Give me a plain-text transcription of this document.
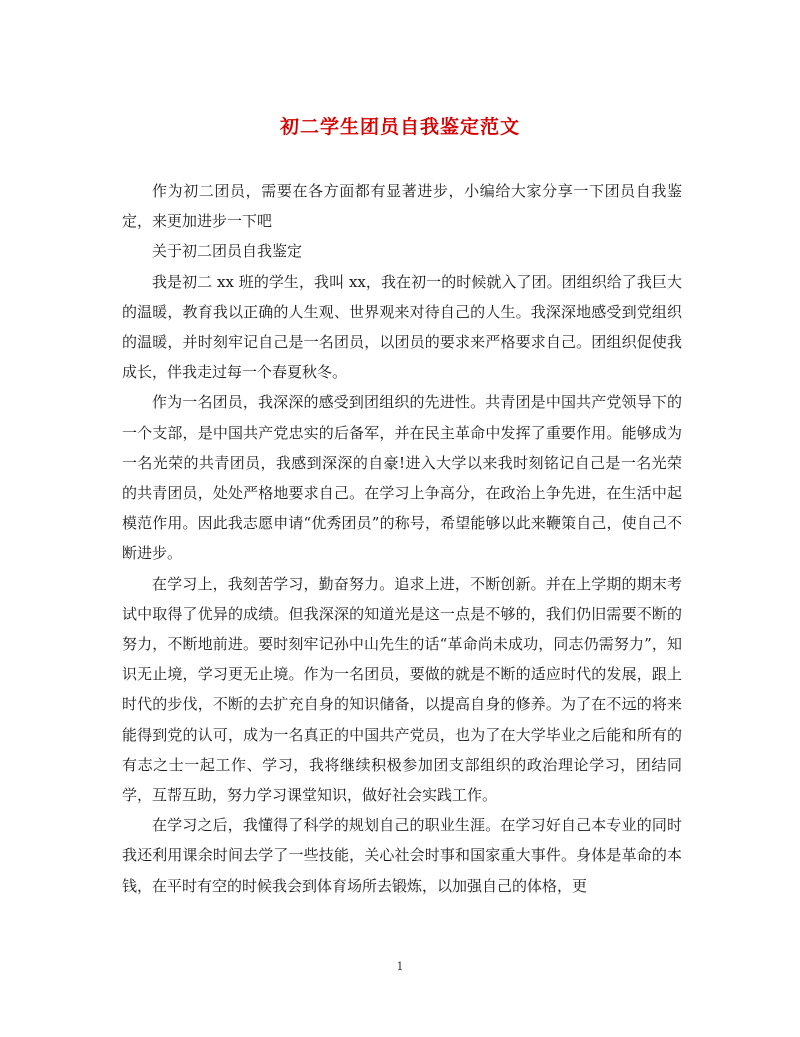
初二学生团员自我鉴定范文

作为初二团员，需要在各方面都有显著进步，小编给大家分享一下团员自我鉴定，来更加进步一下吧

关于初二团员自我鉴定

我是初二 xx 班的学生，我叫 xx，我在初一的时候就入了团。团组织给了我巨大的温暖，教育我以正确的人生观、世界观来对待自己的人生。我深深地感受到党组织的温暖，并时刻牢记自己是一名团员，以团员的要求来严格要求自己。团组织促使我成长，伴我走过每一个春夏秋冬。

作为一名团员，我深深的感受到团组织的先进性。共青团是中国共产党领导下的一个支部，是中国共产党忠实的后备军，并在民主革命中发挥了重要作用。能够成为一名光荣的共青团员，我感到深深的自豪!进入大学以来我时刻铭记自己是一名光荣的共青团员，处处严格地要求自己。在学习上争高分，在政治上争先进，在生活中起模范作用。因此我志愿申请“优秀团员”的称号，希望能够以此来鞭策自己，使自己不断进步。

在学习上，我刻苦学习，勤奋努力。追求上进，不断创新。并在上学期的期末考试中取得了优异的成绩。但我深深的知道光是这一点是不够的，我们仍旧需要不断的努力，不断地前进。要时刻牢记孙中山先生的话“革命尚未成功，同志仍需努力”，知识无止境，学习更无止境。作为一名团员，要做的就是不断的适应时代的发展，跟上时代的步伐，不断的去扩充自身的知识储备，以提高自身的修养。为了在不远的将来能得到党的认可，成为一名真正的中国共产党员，也为了在大学毕业之后能和所有的有志之士一起工作、学习，我将继续积极参加团支部组织的政治理论学习，团结同学，互帮互助，努力学习课堂知识，做好社会实践工作。

在学习之后，我懂得了科学的规划自己的职业生涯。在学习好自己本专业的同时我还利用课余时间去学了一些技能，关心社会时事和国家重大事件。身体是革命的本钱，在平时有空的时候我会到体育场所去锻炼，以加强自己的体格，更

1
